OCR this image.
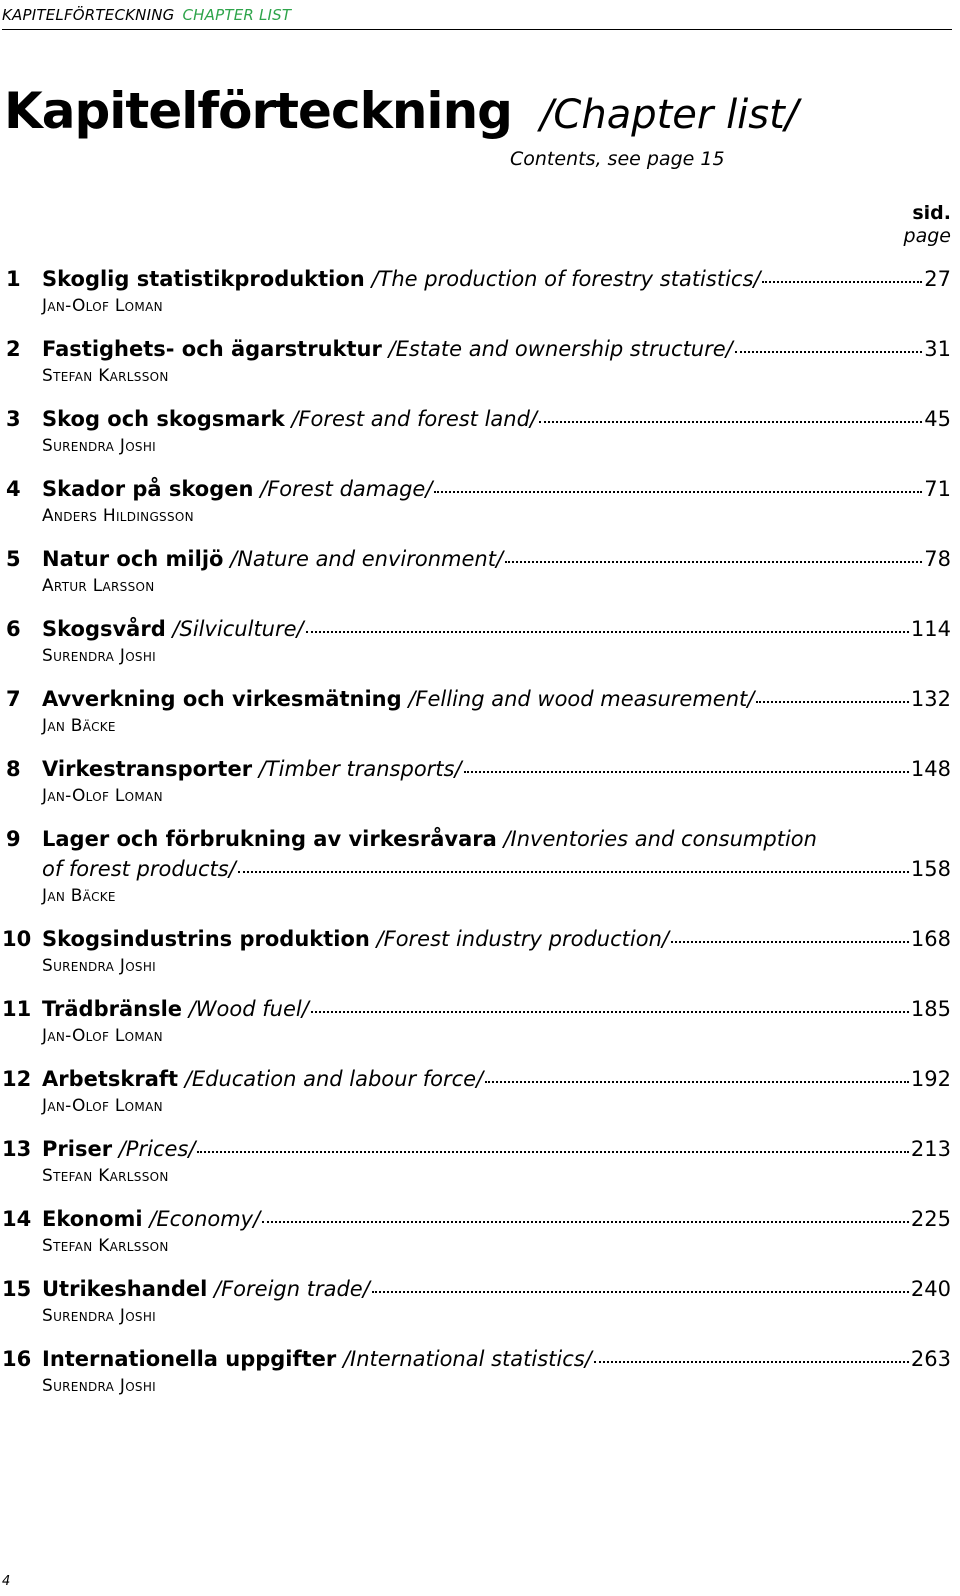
KAPITELFÖRTECKNING CHAPTER LIST
Kapitelförteckning /Chapter list/
Contents, see page 15
sid.
page
1	Skoglig statistikproduktion
/The production of forestry statistics/	27
Jan-Olof Loman
2	Fastighets- och ägarstruktur
/Estate and ownership structure/	31
Stefan Karlsson
3	Skog och skogsmark
/Forest and forest land/	45
Surendra Joshi
4	Skador på skogen
/Forest damage/	71
Anders Hildingsson
5	Natur och miljö
/Nature and environment/	78
Artur Larsson
6	Skogsvård
/Silviculture/	114
Surendra Joshi
7	Avverkning och virkesmätning
/Felling and wood measurement/	132
Jan Bäcke
8	Virkestransporter
/Timber transports/	148
Jan-Olof Loman
9	Lager och förbrukning av virkesråvara
/Inventories and consumption
of forest products/	158
Jan Bäcke
10 Skogsindustrins produktion
/Forest industry production/	168
Surendra Joshi
11 Trädbränsle
/Wood fuel/	185
Jan-Olof Loman
12 Arbetskraft
/Education and labour force/	192
Jan-Olof Loman
13 Priser
/Prices/	213
Stefan Karlsson
14 Ekonomi
/Economy/	225
Stefan Karlsson
15 Utrikeshandel
/Foreign trade/	240
Surendra Joshi
16 Internationella uppgifter
/International statistics/	263
Surendra Joshi
4
